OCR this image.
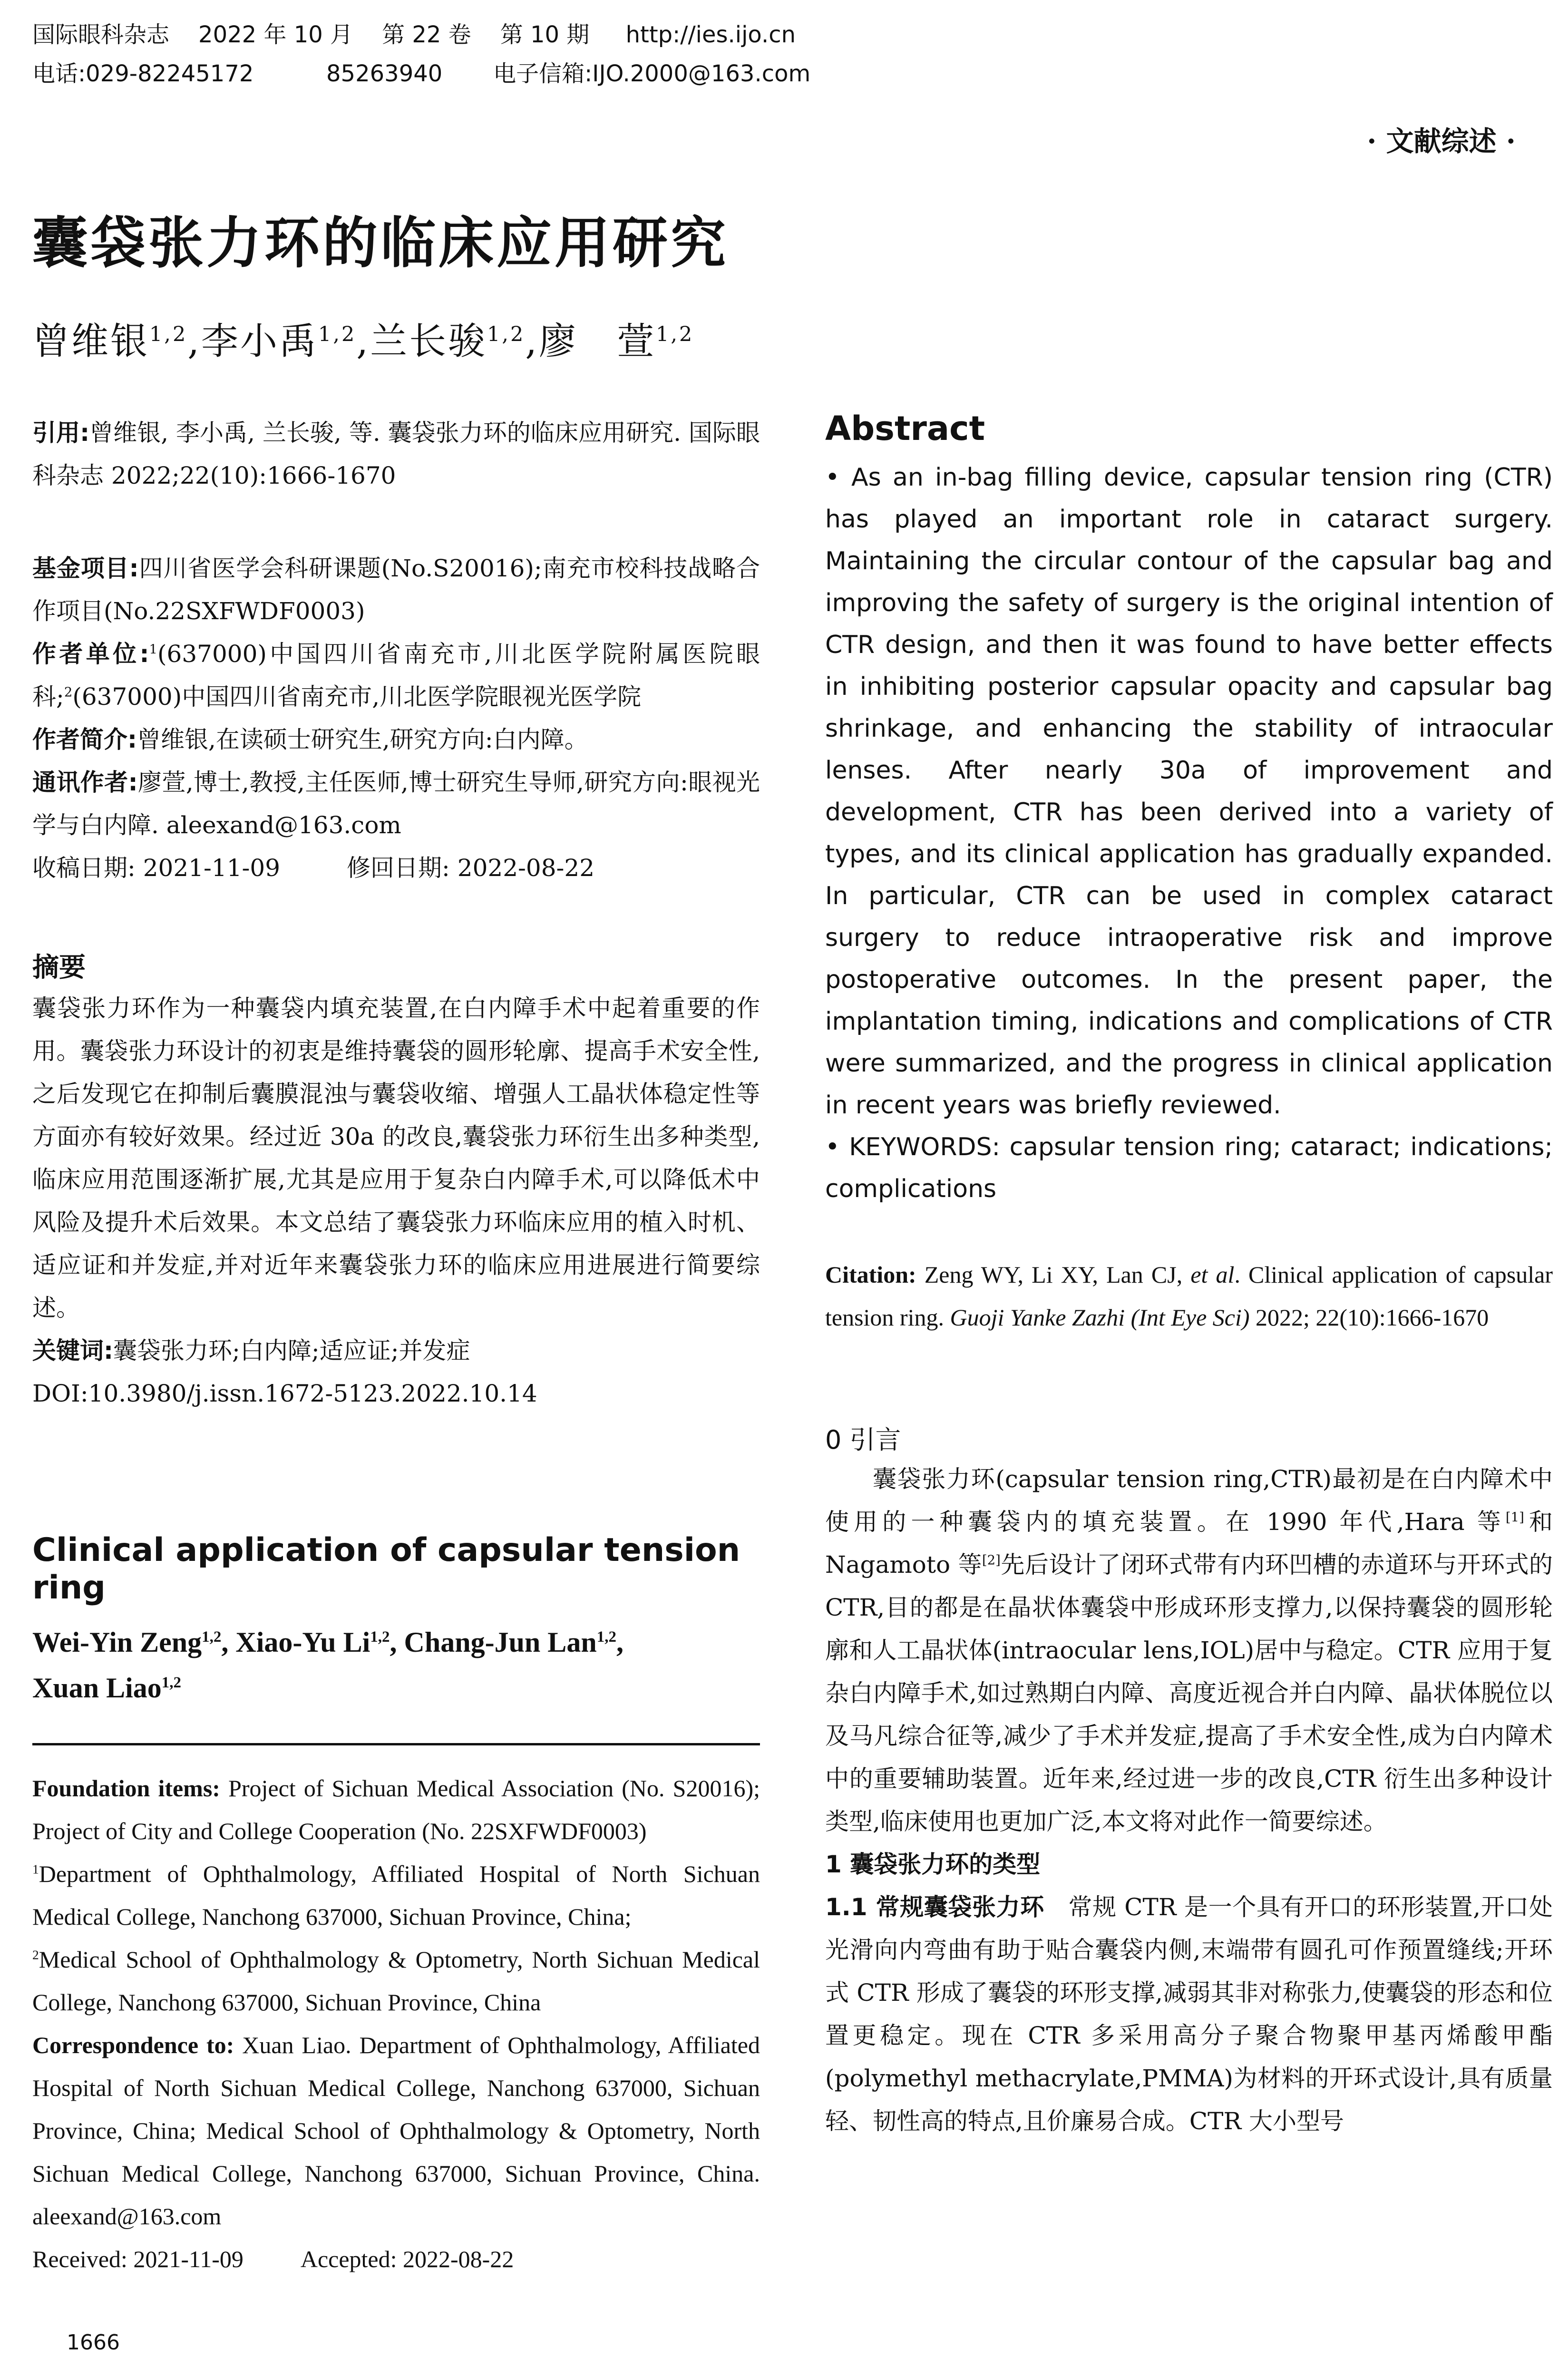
国际眼科杂志    2022 年 10 月    第 22 卷    第 10 期     http://ies.ijo.cn
电话:029-82245172          85263940       电子信箱:IJO.2000@163.com
· 文献综述 ·
囊袋张力环的临床应用研究
曾维银$^{1,2}$,李小禹$^{1,2}$,兰长骏$^{1,2}$,廖　萱$^{1,2}$
引用:曾维银, 李小禹, 兰长骏, 等. 囊袋张力环的临床应用研究. 国际眼科杂志 2022;22(10):1666-1670

基金项目:四川省医学会科研课题(No.S20016);南充市校科技战略合作项目(No.22SXFWDF0003)

作者单位:$^1$(637000)中国四川省南充市,川北医学院附属医院眼科;$^2$(637000)中国四川省南充市,川北医学院眼视光医学院

作者简介:曾维银,在读硕士研究生,研究方向:白内障。

通讯作者:廖萱,博士,教授,主任医师,博士研究生导师,研究方向:眼视光学与白内障. aleexand@163.com

收稿日期: 2021-11-09	修回日期: 2022-08-22

摘要

囊袋张力环作为一种囊袋内填充装置,在白内障手术中起着重要的作用。囊袋张力环设计的初衷是维持囊袋的圆形轮廓、提高手术安全性,之后发现它在抑制后囊膜混浊与囊袋收缩、增强人工晶状体稳定性等方面亦有较好效果。经过近 30a 的改良,囊袋张力环衍生出多种类型,临床应用范围逐渐扩展,尤其是应用于复杂白内障手术,可以降低术中风险及提升术后效果。本文总结了囊袋张力环临床应用的植入时机、适应证和并发症,并对近年来囊袋张力环的临床应用进展进行简要综述。

关键词:囊袋张力环;白内障;适应证;并发症

DOI:10.3980/j.issn.1672-5123.2022.10.14

Clinical application of capsular tension ring
Wei-Yin Zeng$^{1,2}$, Xiao-Yu Li$^{1,2}$, Chang-Jun Lan$^{1,2}$,
Xuan Liao$^{1,2}$

Foundation items: Project of Sichuan Medical Association (No. S20016); Project of City and College Cooperation (No. 22SXFWDF0003)

$^1$Department of Ophthalmology, Affiliated Hospital of North Sichuan Medical College, Nanchong 637000, Sichuan Province, China;

$^2$Medical School of Ophthalmology & Optometry, North Sichuan Medical College, Nanchong 637000, Sichuan Province, China

Correspondence to: Xuan Liao. Department of Ophthalmology, Affiliated Hospital of North Sichuan Medical College, Nanchong 637000, Sichuan Province, China; Medical School of Ophthalmology & Optometry, North Sichuan Medical College, Nanchong 637000, Sichuan Province, China. aleexand@163.com

Received: 2021-11-09 Accepted: 2022-08-22

1666
Abstract

• As an in-bag filling device, capsular tension ring (CTR) has played an important role in cataract surgery. Maintaining the circular contour of the capsular bag and improving the safety of surgery is the original intention of CTR design, and then it was found to have better effects in inhibiting posterior capsular opacity and capsular bag shrinkage, and enhancing the stability of intraocular lenses. After nearly 30a of improvement and development, CTR has been derived into a variety of types, and its clinical application has gradually expanded. In particular, CTR can be used in complex cataract surgery to reduce intraoperative risk and improve postoperative outcomes. In the present paper, the implantation timing, indications and complications of CTR were summarized, and the progress in clinical application in recent years was briefly reviewed.

• KEYWORDS: capsular tension ring; cataract; indications; complications

Citation: Zeng WY, Li XY, Lan CJ, et al. Clinical application of capsular tension ring. Guoji Yanke Zazhi (Int Eye Sci) 2022; 22(10):1666-1670
0 引言

囊袋张力环(capsular tension ring,CTR)最初是在白内障术中使用的一种囊袋内的填充装置。在 1990 年代,Hara 等[1]和 Nagamoto 等[2]先后设计了闭环式带有内环凹槽的赤道环与开环式的 CTR,目的都是在晶状体囊袋中形成环形支撑力,以保持囊袋的圆形轮廓和人工晶状体(intraocular lens,IOL)居中与稳定。CTR 应用于复杂白内障手术,如过熟期白内障、高度近视合并白内障、晶状体脱位以及马凡综合征等,减少了手术并发症,提高了手术安全性,成为白内障术中的重要辅助装置。近年来,经过进一步的改良,CTR 衍生出多种设计类型,临床使用也更加广泛,本文将对此作一简要综述。

1 囊袋张力环的类型

1.1 常规囊袋张力环　 常规 CTR 是一个具有开口的环形装置,开口处光滑向内弯曲有助于贴合囊袋内侧,末端带有圆孔可作预置缝线;开环式 CTR 形成了囊袋的环形支撑,减弱其非对称张力,使囊袋的形态和位置更稳定。现在 CTR 多采用高分子聚合物聚甲基丙烯酸甲酯(polymethyl methacrylate,PMMA)为材料的开环式设计,具有质量轻、韧性高的特点,且价廉易合成。CTR 大小型号
